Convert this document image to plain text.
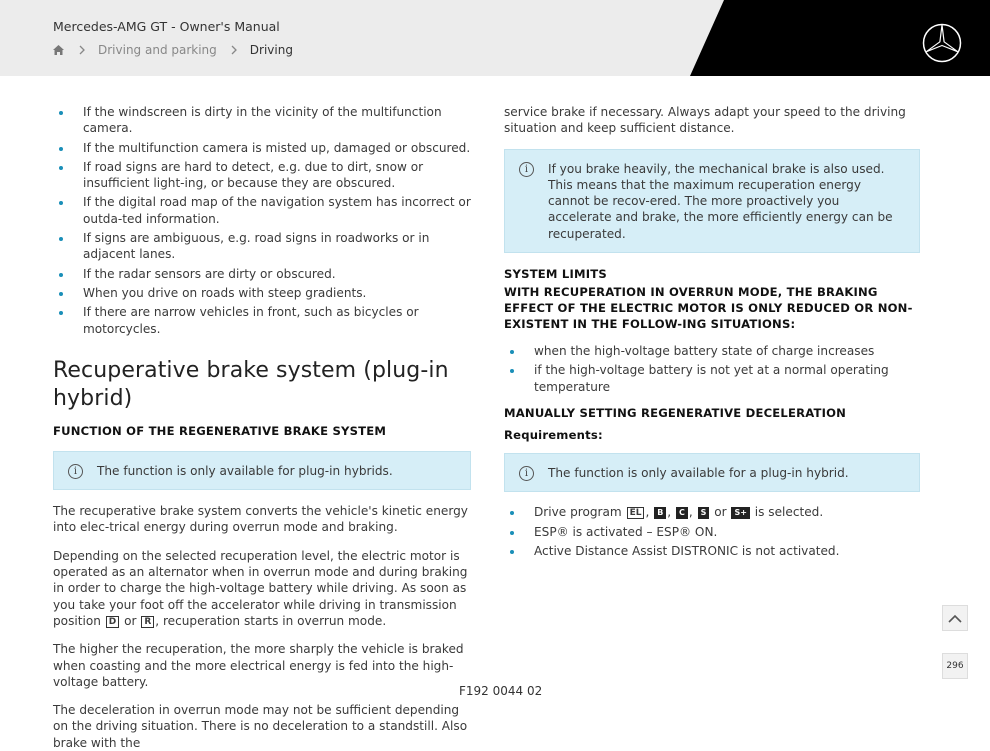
Mercedes-AMG GT - Owner's Manual
Driving and parking	Driving
If the windscreen is dirty in the vicinity of the multifunction camera.
If the multifunction camera is misted up, damaged or obscured.
If road signs are hard to detect, e.g. due to dirt, snow or insufficient light-ing, or because they are obscured.
If the digital road map of the navigation system has incorrect or outda-ted information.
If signs are ambiguous, e.g. road signs in roadworks or in adjacent lanes.
If the radar sensors are dirty or obscured.
When you drive on roads with steep gradients.
If there are narrow vehicles in front, such as bicycles or motorcycles.
Recuperative brake system (plug-in hybrid)
FUNCTION OF THE REGENERATIVE BRAKE SYSTEM
i	The function is only available for plug-in hybrids.

The recuperative brake system converts the vehicle's kinetic energy into elec-trical energy during overrun mode and braking.

Depending on the selected recuperation level, the electric motor is operated as an alternator when in overrun mode and during braking in order to charge the high-voltage battery while driving. As soon as you take your foot off the accelerator while driving in transmission position D or R , recuperation starts in overrun mode.

The higher the recuperation, the more sharply the vehicle is braked when coasting and the more electrical energy is fed into the high-voltage battery.

The deceleration in overrun mode may not be sufficient depending on the driving situation. There is no deceleration to a standstill. Also brake with the

service brake if necessary. Always adapt your speed to the driving situation and keep sufficient distance.

i	If you brake heavily, the mechanical brake is also used. This means that the maximum recuperation energy cannot be recov-ered. The more proactively you accelerate and brake, the more efficiently energy can be recuperated.
SYSTEM LIMITS
WITH RECUPERATION IN OVERRUN MODE, THE BRAKING EFFECT OF THE ELECTRIC MOTOR IS ONLY REDUCED OR NON-EXISTENT IN THE FOLLOW-ING SITUATIONS:
when the high-voltage battery state of charge increases
if the high-voltage battery is not yet at a normal operating temperature
MANUALLY SETTING REGENERATIVE DECELERATION
Requirements:
i	The function is only available for a plug-in hybrid.
Drive program EL , B , C , S or S+ is selected.
ESP® is activated – ESP® ON.
Active Distance Assist DISTRONIC is not activated.
296
F192 0044 02
